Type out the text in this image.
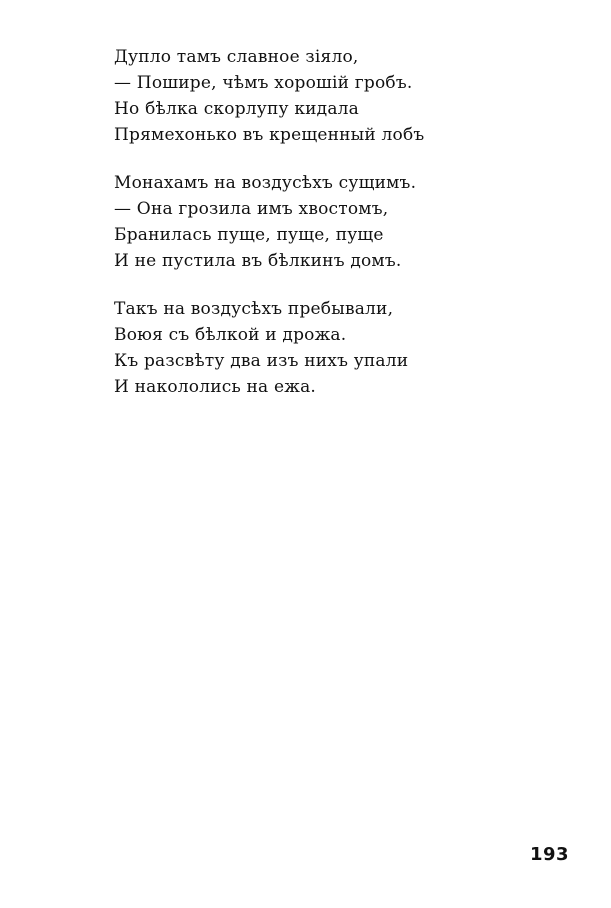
Дупло тамъ славное зіяло,
— Пошире, чѣмъ хорошій гробъ.
Но бѣлка скорлупу кидала
Прямехонько въ крещенный лобъ
Монахамъ на воздусѣхъ сущимъ.
— Она грозила имъ хвостомъ,
Бранилась пуще, пуще, пуще
И не пустила въ бѣлкинъ домъ.
Такъ на воздусѣхъ пребывали,
Воюя съ бѣлкой и дрожа.
Къ разсвѣту два изъ нихъ упали
И накололись на ежа.
193
